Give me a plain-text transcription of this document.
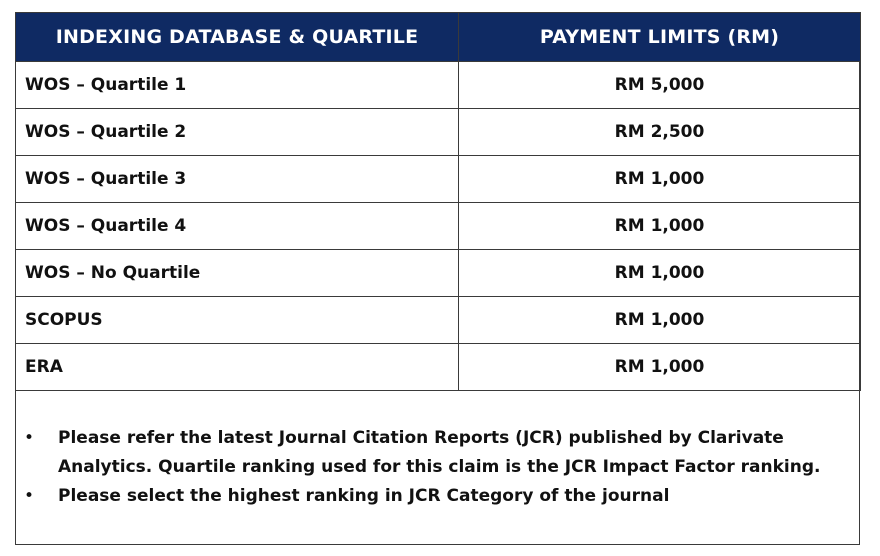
INDEXING DATABASE & QUARTILE	PAYMENT LIMITS (RM)
WOS – Quartile 1	RM 5,000
WOS – Quartile 2	RM 2,500
WOS – Quartile 3	RM 1,000
WOS – Quartile 4	RM 1,000
WOS – No Quartile	RM 1,000
SCOPUS	RM 1,000
ERA	RM 1,000
•	Please refer the latest Journal Citation Reports (JCR) published by Clarivate Analytics. Quartile ranking used for this claim is the JCR Impact Factor ranking.
•	Please select the highest ranking in JCR Category of the journal
